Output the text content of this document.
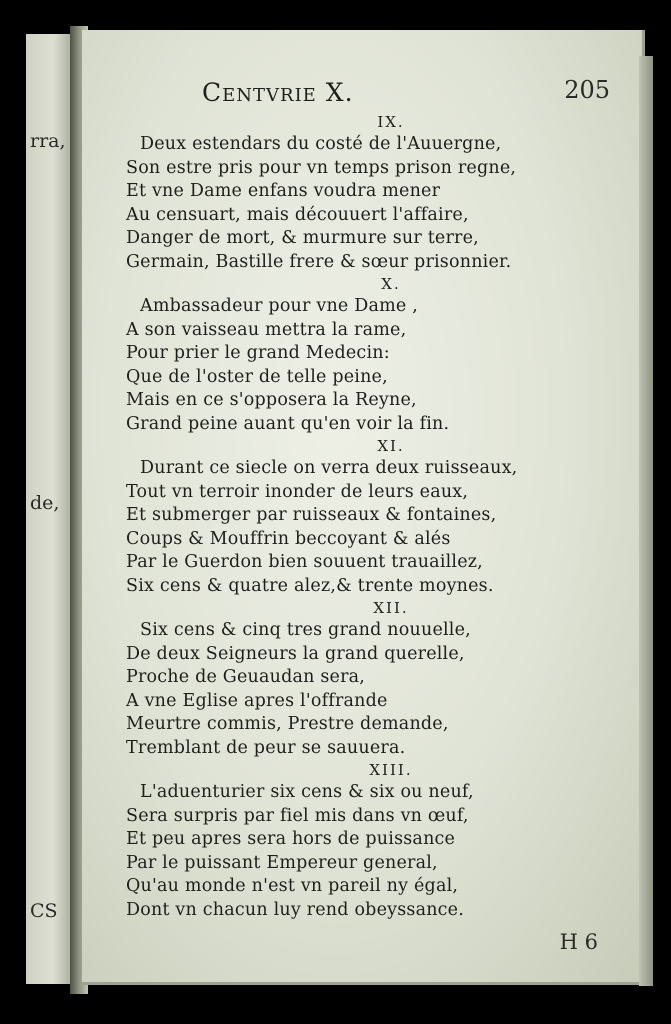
rra,
de,
CS
Centvrie X.	205
IX.
Deux estendars du costé de l'Auuergne,
Son estre pris pour vn temps prison regne,
Et vne Dame enfans voudra mener
Au censuart, mais découuert l'affaire,
Danger de mort, & murmure sur terre,
Germain, Bastille frere & sœur prisonnier.
X.
Ambassadeur pour vne Dame ,
A son vaisseau mettra la rame,
Pour prier le grand Medecin:
Que de l'oster de telle peine,
Mais en ce s'opposera la Reyne,
Grand peine auant qu'en voir la fin.
XI.
Durant ce siecle on verra deux ruisseaux,
Tout vn terroir inonder de leurs eaux,
Et submerger par ruisseaux & fontaines,
Coups & Mouffrin beccoyant & alés
Par le Guerdon bien souuent trauaillez,
Six cens & quatre alez,& trente moynes.
XII.
Six cens & cinq tres grand nouuelle,
De deux Seigneurs la grand querelle,
Proche de Geuaudan sera,
A vne Eglise apres l'offrande
Meurtre commis, Prestre demande,
Tremblant de peur se sauuera.
XIII.
L'aduenturier six cens & six ou neuf,
Sera surpris par fiel mis dans vn œuf,
Et peu apres sera hors de puissance
Par le puissant Empereur general,
Qu'au monde n'est vn pareil ny égal,
Dont vn chacun luy rend obeyssance.
H 6
